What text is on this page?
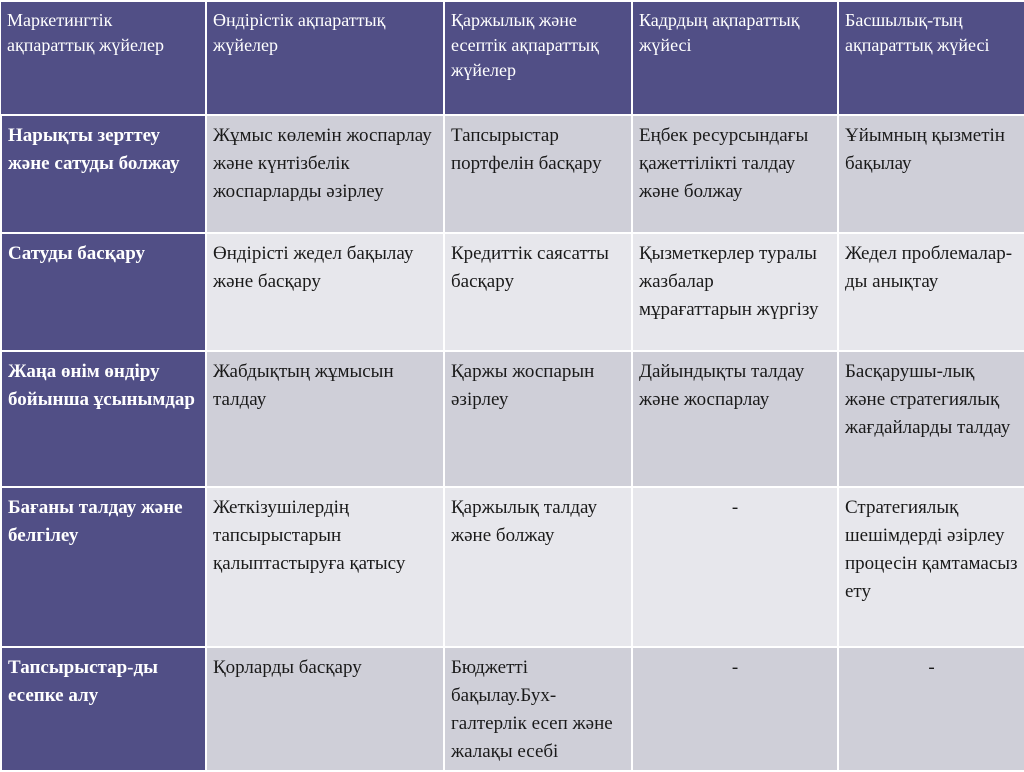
Маркетингтік ақпараттық жүйелер	Өндірістік ақпараттық жүйелер	Қаржылық және есептік ақпараттық жүйелер	Кадрдың ақпараттық жүйесі	Басшылық-тың ақпараттық жүйесі
Нарықты зерттеу және сатуды болжау	Жұмыс көлемін жоспарлау және күнтізбелік жоспарларды әзірлеу	Тапсырыстар портфелін басқару	Еңбек ресурсындағы қажеттілікті талдау және болжау	Ұйымның қызметін бақылау
Сатуды басқару	Өндірісті жедел бақылау және басқару	Кредиттік саясатты басқару	Қызметкерлер туралы жазбалар мұрағаттарын жүргізу	Жедел проблемалар-ды анықтау
Жаңа өнім өндіру бойынша ұсынымдар	Жабдықтың жұмысын талдау	Қаржы жоспарын әзірлеу	Дайындықты талдау және жоспарлау	Басқарушы-лық және стратегиялық жағдайларды талдау
Бағаны талдау және белгілеу	Жеткізушілердің тапсырыстарын қалыптастыруға қатысу	Қаржылық талдау және болжау	-	Стратегиялық шешімдерді әзірлеу процесін қамтамасыз ету
Тапсырыстар-ды есепке алу	Қорларды басқару	Бюджетті бақылау.Бух-галтерлік есеп және жалақы есебі	-	-
